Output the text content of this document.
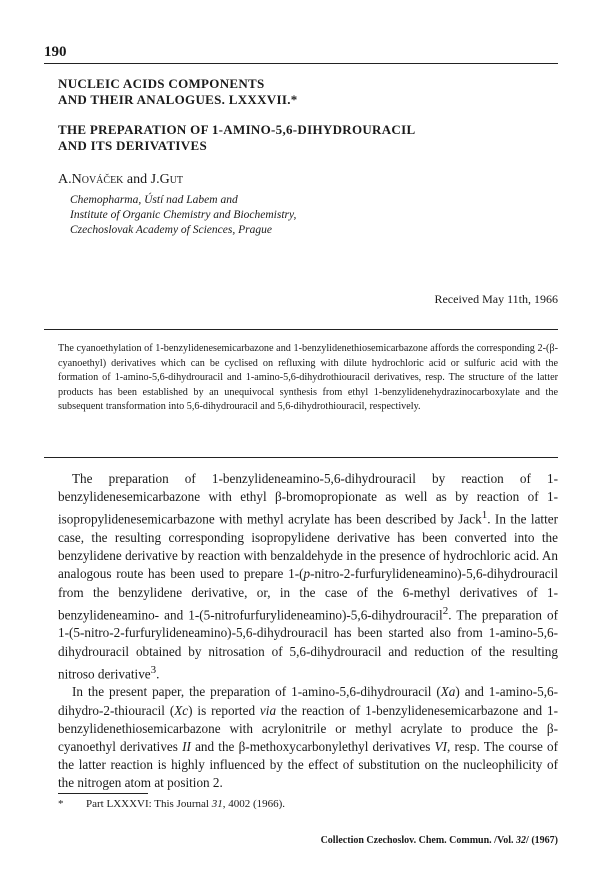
190
NUCLEIC ACIDS COMPONENTS
AND THEIR ANALOGUES. LXXXVII.*
THE PREPARATION OF 1-AMINO-5,6-DIHYDROURACIL
AND ITS DERIVATIVES
A.Nováček and J.Gut
Chemopharma, Ústí nad Labem and
Institute of Organic Chemistry and Biochemistry,
Czechoslovak Academy of Sciences, Prague
Received May 11th, 1966

The cyanoethylation of 1-benzylidenesemicarbazone and 1-benzylidenethiosemicarbazone affords the corresponding 2-(β-cyanoethyl) derivatives which can be cyclised on refluxing with dilute hydrochloric acid or sulfuric acid with the formation of 1-amino-5,6-dihydrouracil and 1-amino-5,6-dihydrothiouracil derivatives, resp. The structure of the latter products has been established by an unequivocal synthesis from ethyl 1-benzylidenehydrazinocarboxylate and the subsequent transformation into 5,6-dihydrouracil and 5,6-dihydrothiouracil, respectively.

The preparation of 1-benzylideneamino-5,6-dihydrouracil by reaction of 1-benzylidenesemicarbazone with ethyl β-bromopropionate as well as by reaction of 1-isopropylidenesemicarbazone with methyl acrylate has been described by Jack$^1$. In the latter case, the resulting corresponding isopropylidene derivative has been converted into the benzylidene derivative by reaction with benzaldehyde in the presence of hydrochloric acid. An analogous route has been used to prepare 1-(p-nitro-2-furfurylideneamino)-5,6-dihydrouracil from the benzylidene derivative, or, in the case of the 6-methyl derivatives of 1-benzylideneamino- and 1-(5-nitrofurfurylideneamino)-5,6-dihydrouracil$^2$. The preparation of 1-(5-nitro-2-furfurylideneamino)-5,6-dihydrouracil has been started also from 1-amino-5,6-dihydrouracil obtained by nitrosation of 5,6-dihydrouracil and reduction of the resulting nitroso derivative$^3$.

In the present paper, the preparation of 1-amino-5,6-dihydrouracil (Xa) and 1-amino-5,6-dihydro-2-thiouracil (Xc) is reported via the reaction of 1-benzylidenesemicarbazone and 1-benzylidenethiosemicarbazone with acrylonitrile or methyl acrylate to produce the β-cyanoethyl derivatives II and the β-methoxycarbonylethyl derivatives VI, resp. The course of the latter reaction is highly influenced by the effect of substitution on the nucleophilicity of the nitrogen atom at position 2.

* Part LXXXVI: This Journal 31, 4002 (1966).
Collection Czechoslov. Chem. Commun. /Vol. 32/ (1967)
